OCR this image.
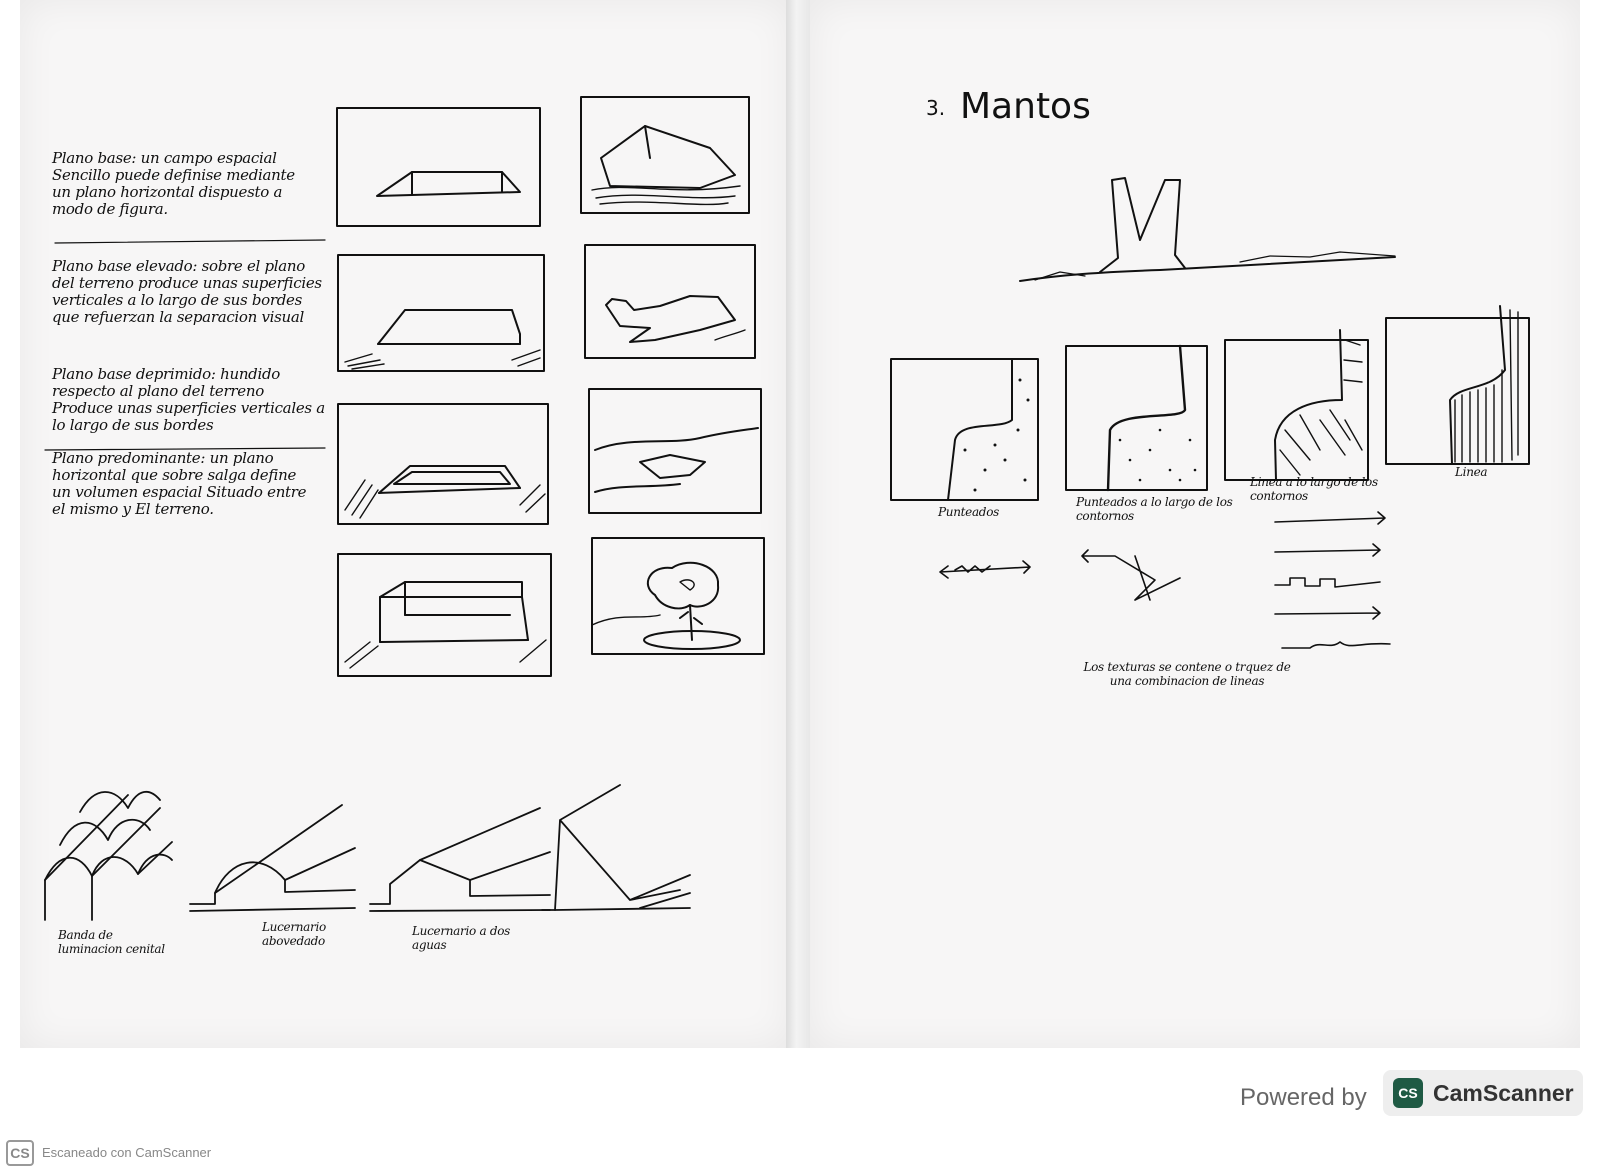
Plano base: un campo espacial Sencillo puede definise mediante un plano horizontal dispuesto a modo de figura.
Plano base elevado: sobre el plano del terreno produce unas superficies verticales a lo largo de sus bordes que refuerzan la separacion visual
Plano base deprimido: hundido respecto al plano del terreno Produce unas superficies verticales a lo largo de sus bordes
Plano predominante: un plano horizontal que sobre salga define un volumen espacial Situado entre el mismo y El terreno.
Banda de luminacion cenital
Lucernario abovedado
Lucernario a dos aguas
3. Mantos
Punteados
Punteados a lo largo de los contornos
Linea a lo largo de los contornos
Linea
Los texturas se contene o trquez de una combinacion de lineas
Powered by	CS CamScanner
CS Escaneado con CamScanner
